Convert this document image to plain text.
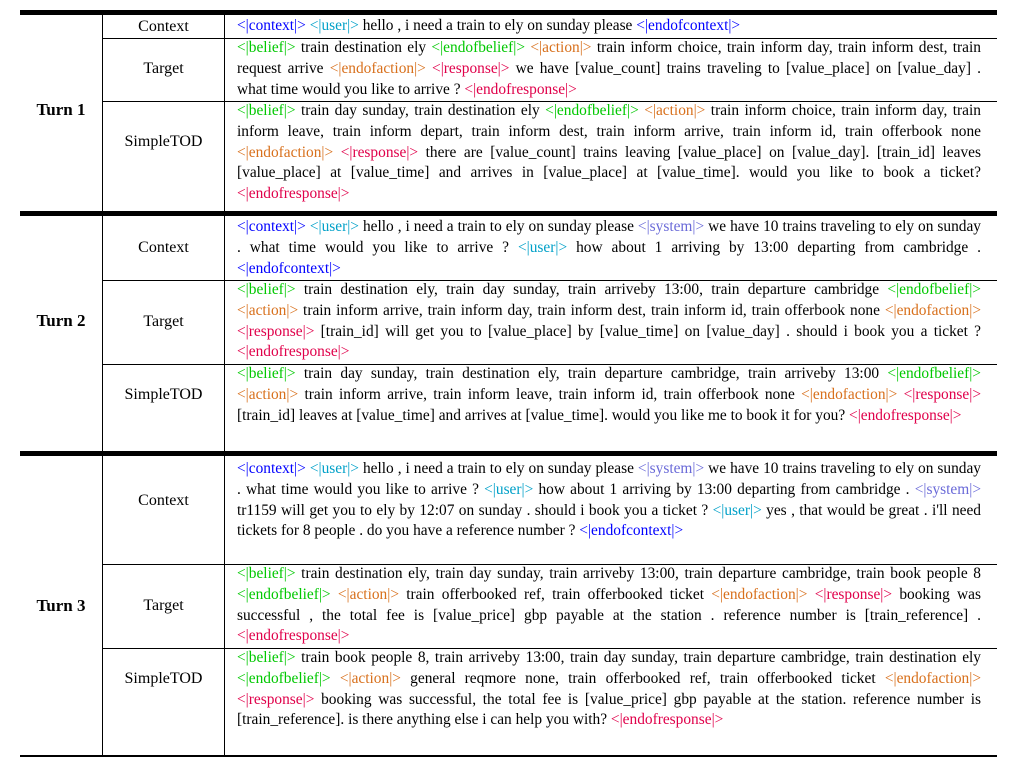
Turn 1
Context	<|context|> <|user|> hello , i need a train to ely on sunday please <|endofcontext|>
Target
<|belief|> train destination ely <|endofbelief|> <|action|> train inform choice, train inform day, train inform dest, train request arrive <|endofaction|> <|response|> we have [value_count] trains traveling to [value_place] on [value_day] . what time would you like to arrive ? <|endofresponse|>
SimpleTOD
<|belief|> train day sunday, train destination ely <|endofbelief|> <|action|> train inform choice, train inform day, train inform leave, train inform depart, train inform dest, train inform arrive, train inform id, train offerbook none <|endofaction|> <|response|> there are [value_count] trains leaving [value_place] on [value_day]. [train_id] leaves [value_place] at [value_time] and arrives in [value_place] at [value_time]. would you like to book a ticket? <|endofresponse|>
Turn 2
Context
<|context|> <|user|> hello , i need a train to ely on sunday please <|system|> we have 10 trains traveling to ely on sunday . what time would you like to arrive ? <|user|> how about 1 arriving by 13:00 departing from cambridge . <|endofcontext|>
Target
<|belief|> train destination ely, train day sunday, train arriveby 13:00, train departure cambridge <|endofbelief|> <|action|> train inform arrive, train inform day, train inform dest, train inform id, train offerbook none <|endofaction|> <|response|> [train_id] will get you to [value_place] by [value_time] on [value_day] . should i book you a ticket ? <|endofresponse|>
SimpleTOD
<|belief|> train day sunday, train destination ely, train departure cambridge, train arriveby 13:00 <|endofbelief|> <|action|> train inform arrive, train inform leave, train inform id, train offerbook none <|endofaction|> <|response|> [train_id] leaves at [value_time] and arrives at [value_time]. would you like me to book it for you? <|endofresponse|>
Turn 3
Context
<|context|> <|user|> hello , i need a train to ely on sunday please <|system|> we have 10 trains traveling to ely on sunday . what time would you like to arrive ? <|user|> how about 1 arriving by 13:00 departing from cambridge . <|system|> tr1159 will get you to ely by 12:07 on sunday . should i book you a ticket ? <|user|> yes , that would be great . i'll need tickets for 8 people . do you have a reference number ? <|endofcontext|>
Target
<|belief|> train destination ely, train day sunday, train arriveby 13:00, train departure cambridge, train book people 8 <|endofbelief|> <|action|> train offerbooked ref, train offerbooked ticket <|endofaction|> <|response|> booking was successful , the total fee is [value_price] gbp payable at the station . reference number is [train_reference] . <|endofresponse|>
SimpleTOD
<|belief|> train book people 8, train arriveby 13:00, train day sunday, train departure cambridge, train destination ely <|endofbelief|> <|action|> general reqmore none, train offerbooked ref, train offerbooked ticket <|endofaction|> <|response|> booking was successful, the total fee is [value_price] gbp payable at the station. reference number is [train_reference]. is there anything else i can help you with? <|endofresponse|>
